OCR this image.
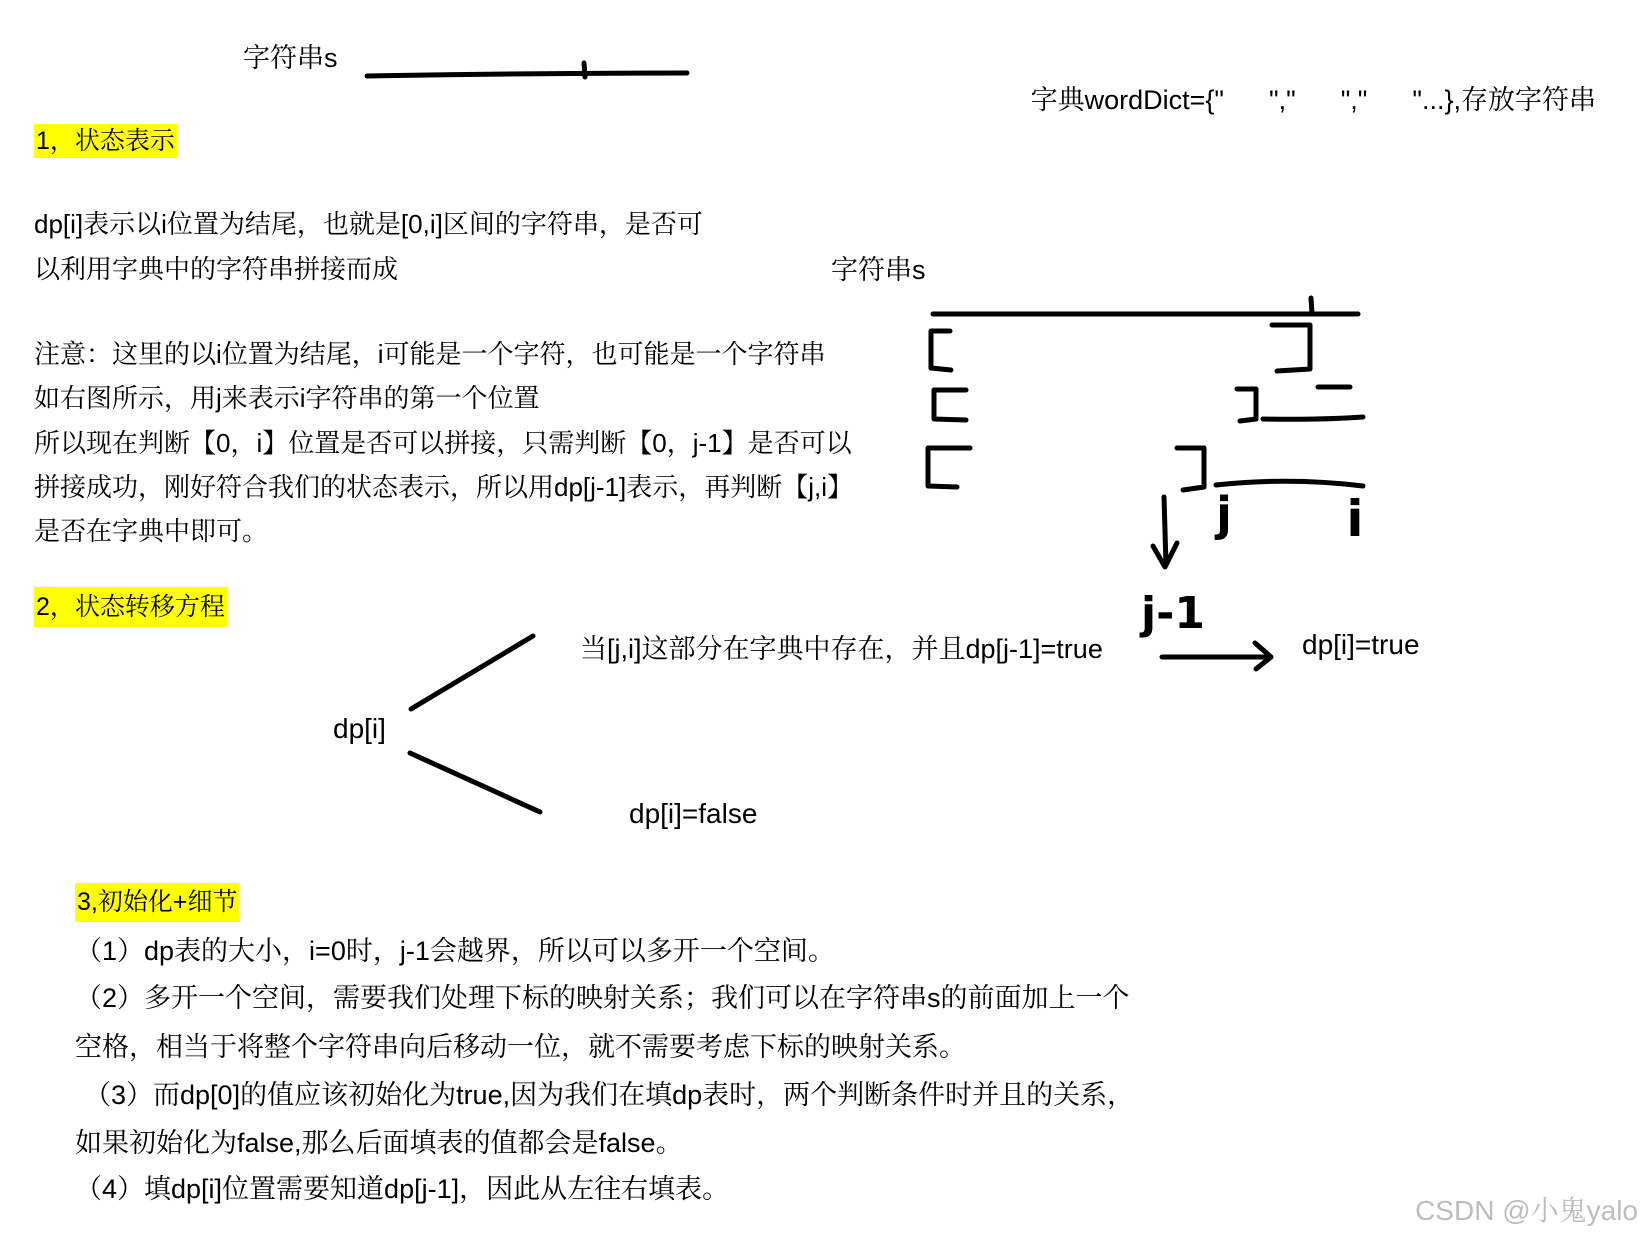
字符串s
字典wordDict={"      ","      ","      "...},存放字符串
1，状态表示
dp[i]表示以i位置为结尾，也就是[0,i]区间的字符串，是否可
以利用字典中的字符串拼接而成
注意：这里的以i位置为结尾，i可能是一个字符，也可能是一个字符串
如右图所示，用j来表示i字符串的第一个位置
所以现在判断【0，i】位置是否可以拼接，只需判断【0，j-1】是否可以
拼接成功，刚好符合我们的状态表示，所以用dp[j-1]表示，再判断【j,i】
是否在字典中即可。
字符串s
2，状态转移方程
当[j,i]这部分在字典中存在，并且dp[j-1]=true	dp[i]=true
dp[i]
dp[i]=false
3,初始化+细节
（1）dp表的大小，i=0时，j-1会越界，所以可以多开一个空间。
（2）多开一个空间，需要我们处理下标的映射关系；我们可以在字符串s的前面加上一个
空格，相当于将整个字符串向后移动一位，就不需要考虑下标的映射关系。
（3）而dp[0]的值应该初始化为true,因为我们在填dp表时，两个判断条件时并且的关系，
如果初始化为false,那么后面填表的值都会是false。
（4）填dp[i]位置需要知道dp[j-1]，因此从左往右填表。
j i
j-1
CSDN @小鬼yalo
